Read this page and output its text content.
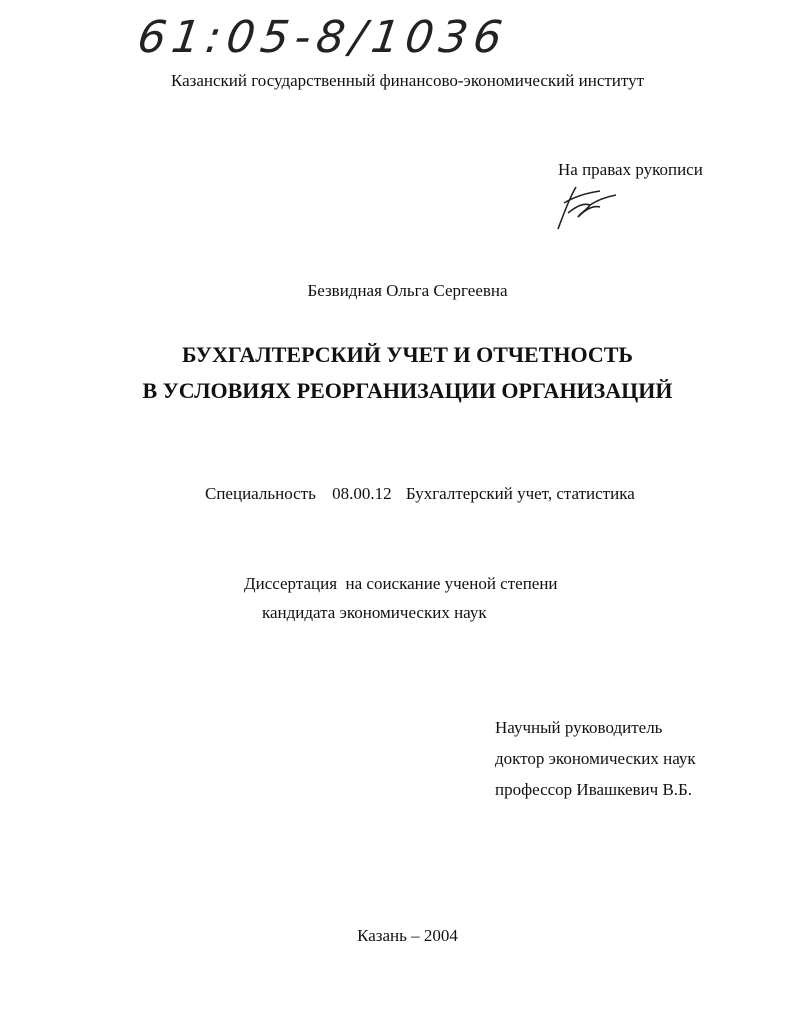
61:05-8/1036
Казанский государственный финансово-экономический институт
На правах рукописи
Безвидная Ольга Сергеевна
БУХГАЛТЕРСКИЙ УЧЕТ И ОТЧЕТНОСТЬ
В УСЛОВИЯХ РЕОРГАНИЗАЦИИ ОРГАНИЗАЦИЙ
Специальность 08.00.12 Бухгалтерский учет, статистика
Диссертация  на соискание ученой степени
кандидата экономических наук
Научный руководитель
доктор экономических наук
профессор Ивашкевич В.Б.
Казань – 2004
